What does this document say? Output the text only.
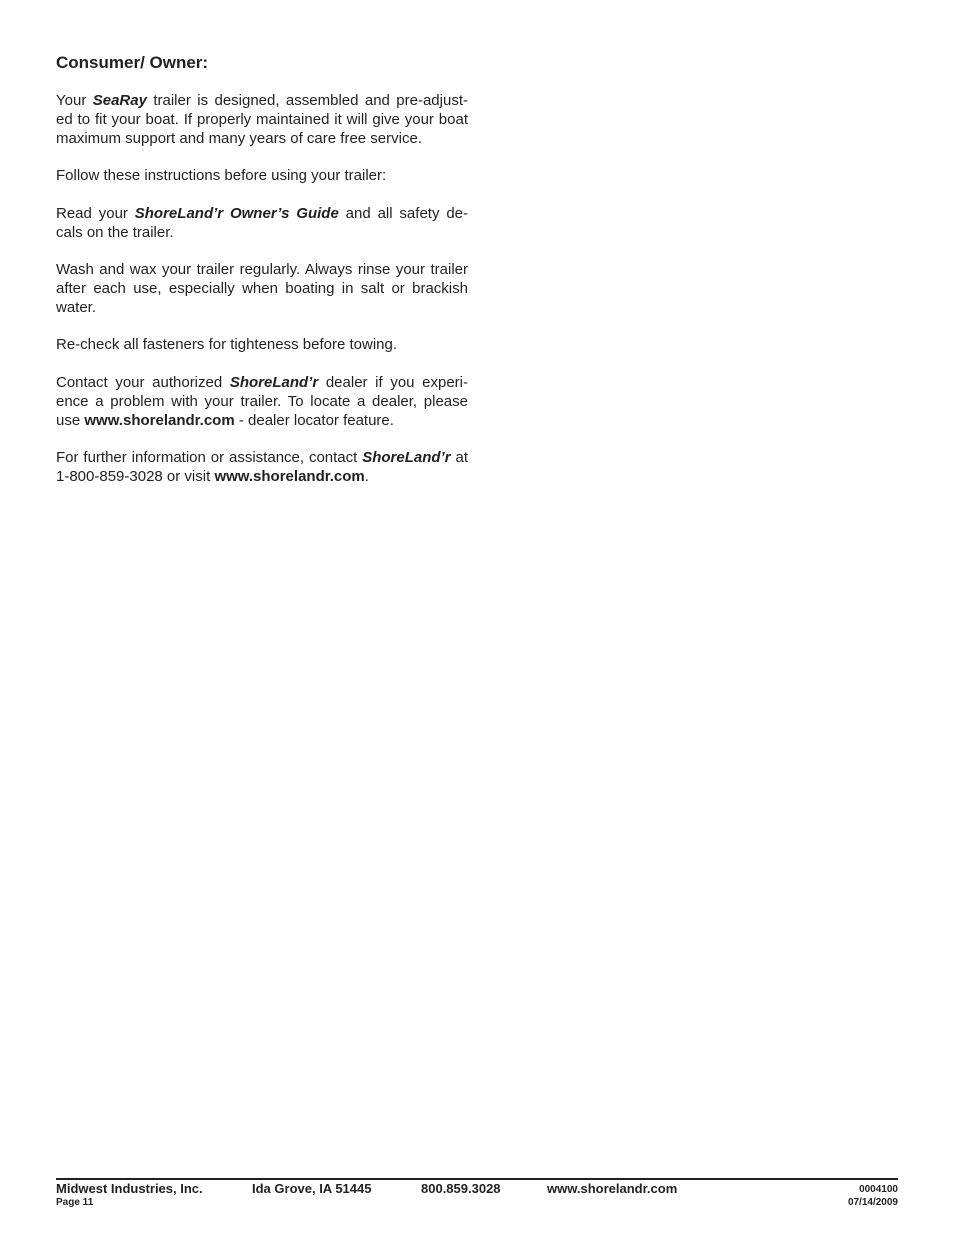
Consumer/ Owner:

Your SeaRay trailer is designed, assembled and pre-adjust-ed to fit your boat. If properly maintained it will give your boat maximum support and many years of care free service.

Follow these instructions before using your trailer:

Read your ShoreLand’r Owner’s Guide and all safety de-cals on the trailer.

Wash and wax your trailer regularly. Always rinse your trailer after each use, especially when boating in salt or brackish water.

Re-check all fasteners for tighteness before towing.

Contact your authorized ShoreLand’r dealer if you experi-ence a problem with your trailer. To locate a dealer, please use www.shorelandr.com - dealer locator feature.

For further information or assistance, contact ShoreLand’r at 1-800-859-3028 or visit www.shorelandr.com.

Midwest Industries, Inc.	Ida Grove, IA 51445	800.859.3028	www.shorelandr.com
Page 11
0004100
07/14/2009
